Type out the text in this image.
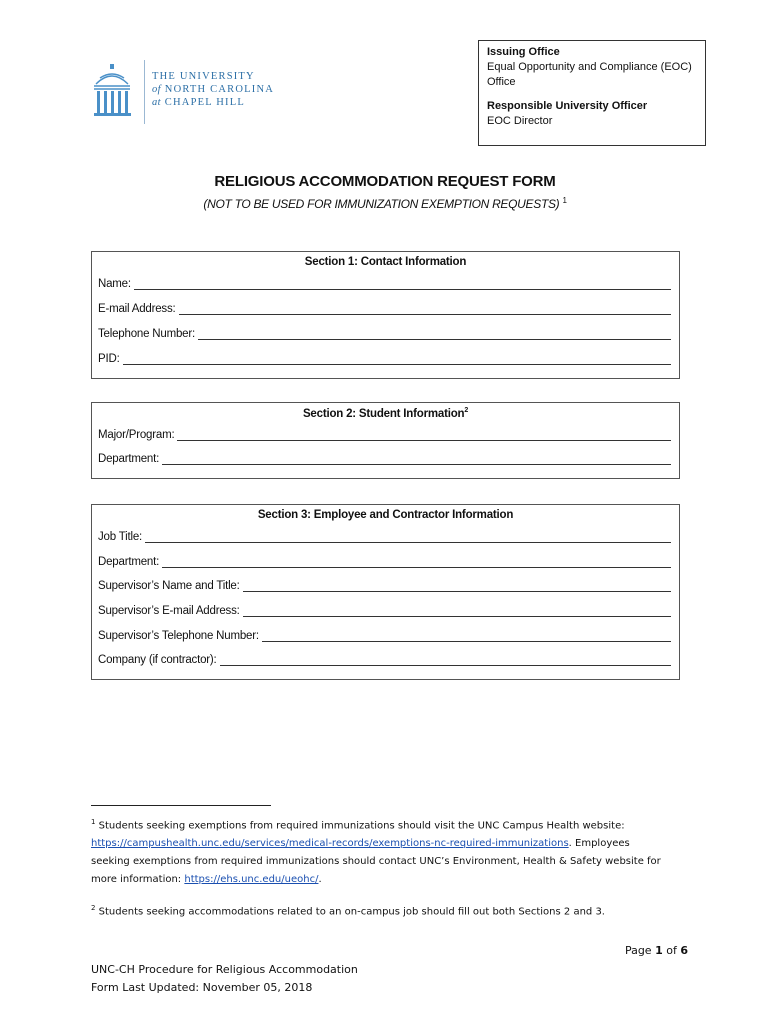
THE UNIVERSITY
of NORTH CAROLINA
at CHAPEL HILL
Issuing Office
Equal Opportunity and Compliance (EOC)
Office
Responsible University Officer
EOC Director
RELIGIOUS ACCOMMODATION REQUEST FORM
(NOT TO BE USED FOR IMMUNIZATION EXEMPTION REQUESTS) $^1$
Section 1: Contact Information
Name:
E-mail Address:
Telephone Number:
PID:
Section 2: Student Information$^2$
Major/Program:
Department:
Section 3: Employee and Contractor Information
Job Title:
Department:
Supervisor’s Name and Title:
Supervisor’s E-mail Address:
Supervisor’s Telephone Number:
Company (if contractor):
$^1$ Students seeking exemptions from required immunizations should visit the UNC Campus Health website:
https://campushealth.unc.edu/services/medical-records/exemptions-nc-required-immunizations. Employees
seeking exemptions from required immunizations should contact UNC’s Environment, Health & Safety website for
more information: https://ehs.unc.edu/ueohc/.
$^2$ Students seeking accommodations related to an on-campus job should fill out both Sections 2 and 3.
Page 1 of 6
UNC-CH Procedure for Religious Accommodation
Form Last Updated: November 05, 2018
